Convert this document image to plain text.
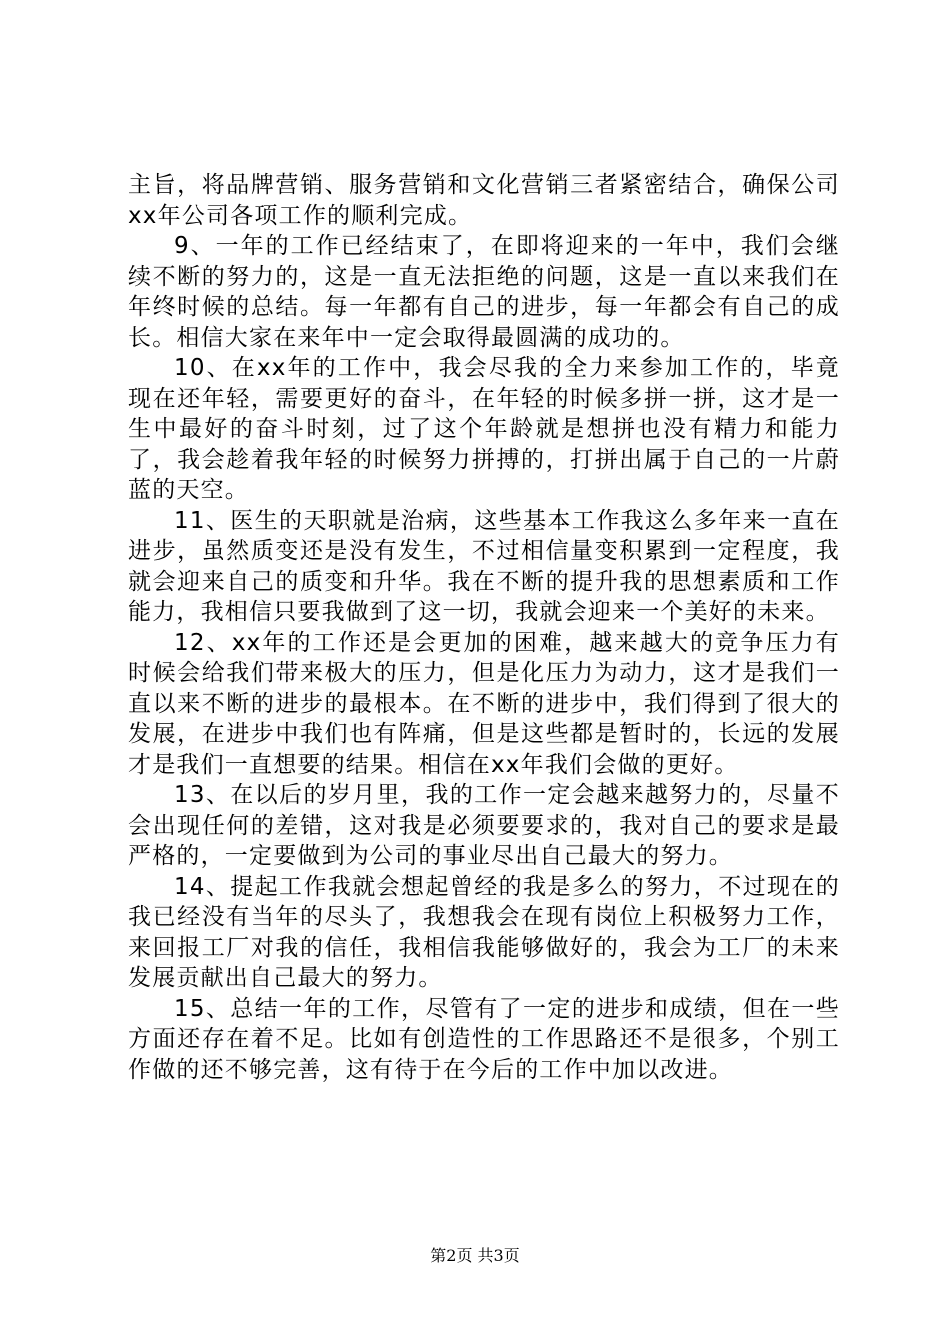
主旨，将品牌营销、服务营销和文化营销三者紧密结合，确保公司xx年公司各项工作的顺利完成。

9、一年的工作已经结束了，在即将迎来的一年中，我们会继续不断的努力的，这是一直无法拒绝的问题，这是一直以来我们在年终时候的总结。每一年都有自己的进步，每一年都会有自己的成长。相信大家在来年中一定会取得最圆满的成功的。

10、在xx年的工作中，我会尽我的全力来参加工作的，毕竟现在还年轻，需要更好的奋斗，在年轻的时候多拼一拼，这才是一生中最好的奋斗时刻，过了这个年龄就是想拼也没有精力和能力了，我会趁着我年轻的时候努力拼搏的，打拼出属于自己的一片蔚蓝的天空。

11、医生的天职就是治病，这些基本工作我这么多年来一直在进步，虽然质变还是没有发生，不过相信量变积累到一定程度，我就会迎来自己的质变和升华。我在不断的提升我的思想素质和工作能力，我相信只要我做到了这一切，我就会迎来一个美好的未来。

12、xx年的工作还是会更加的困难，越来越大的竞争压力有时候会给我们带来极大的压力，但是化压力为动力，这才是我们一直以来不断的进步的最根本。在不断的进步中，我们得到了很大的发展，在进步中我们也有阵痛，但是这些都是暂时的，长远的发展才是我们一直想要的结果。相信在xx年我们会做的更好。

13、在以后的岁月里，我的工作一定会越来越努力的，尽量不会出现任何的差错，这对我是必须要要求的，我对自己的要求是最严格的，一定要做到为公司的事业尽出自己最大的努力。

14、提起工作我就会想起曾经的我是多么的努力，不过现在的我已经没有当年的尽头了，我想我会在现有岗位上积极努力工作，来回报工厂对我的信任，我相信我能够做好的，我会为工厂的未来发展贡献出自己最大的努力。

15、总结一年的工作，尽管有了一定的进步和成绩，但在一些方面还存在着不足。比如有创造性的工作思路还不是很多，个别工作做的还不够完善，这有待于在今后的工作中加以改进。

第2页 共3页
